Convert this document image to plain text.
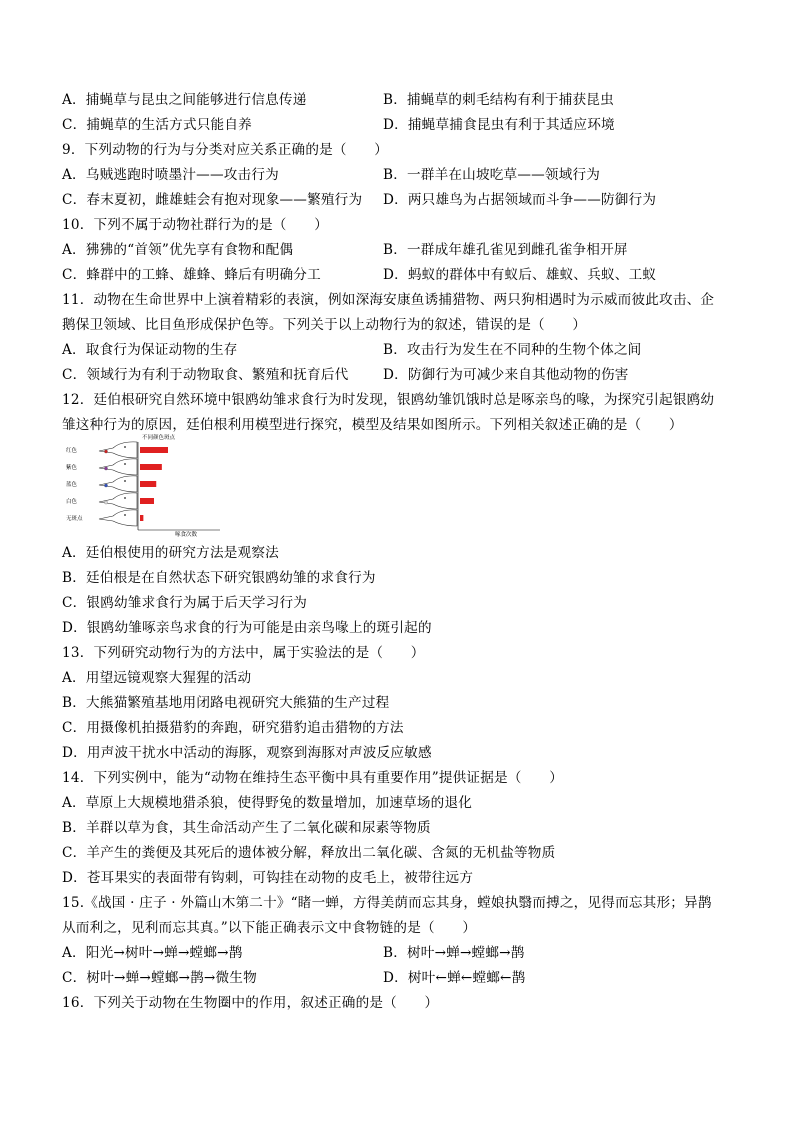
A．捕蝇草与昆虫之间能够进行信息传递	B．捕蝇草的刺毛结构有利于捕获昆虫
C．捕蝇草的生活方式只能自养	D．捕蝇草捕食昆虫有利于其适应环境
9．下列动物的行为与分类对应关系正确的是（　　）
A．乌贼逃跑时喷墨汁——攻击行为	B．一群羊在山坡吃草——领域行为
C．春末夏初，雌雄蛙会有抱对现象——繁殖行为 D．两只雄鸟为占据领域而斗争——防御行为
10．下列不属于动物社群行为的是（　　）
A．狒狒的“首领”优先享有食物和配偶	B．一群成年雄孔雀见到雌孔雀争相开屏
C．蜂群中的工蜂、雄蜂、蜂后有明确分工	D．蚂蚁的群体中有蚁后、雄蚁、兵蚁、工蚁
11．动物在生命世界中上演着精彩的表演，例如深海安康鱼诱捕猎物、两只狗相遇时为示威而彼此攻击、企
鹅保卫领域、比目鱼形成保护色等。下列关于以上动物行为的叙述，错误的是（　　）
A．取食行为保证动物的生存	B．攻击行为发生在不同种的生物个体之间
C．领域行为有利于动物取食、繁殖和抚育后代	D．防御行为可减少来自其他动物的伤害
12．廷伯根研究自然环境中银鸥幼雏求食行为时发现，银鸥幼雏饥饿时总是啄亲鸟的喙，为探究引起银鸥幼
雏这种行为的原因，廷伯根利用模型进行探究，模型及结果如图所示。下列相关叙述正确的是（　　）
不同颜色斑点
啄食次数
红色
紫色
蓝色
白色
无斑点
A．廷伯根使用的研究方法是观察法
B．廷伯根是在自然状态下研究银鸥幼雏的求食行为
C．银鸥幼雏求食行为属于后天学习行为
D．银鸥幼雏啄亲鸟求食的行为可能是由亲鸟喙上的斑引起的
13．下列研究动物行为的方法中，属于实验法的是（　　）
A．用望远镜观察大猩猩的活动
B．大熊猫繁殖基地用闭路电视研究大熊猫的生产过程
C．用摄像机拍摄猎豹的奔跑，研究猎豹追击猎物的方法
D．用声波干扰水中活动的海豚，观察到海豚对声波反应敏感
14．下列实例中，能为“动物在维持生态平衡中具有重要作用”提供证据是（　　）
A．草原上大规模地猎杀狼，使得野兔的数量增加，加速草场的退化
B．羊群以草为食，其生命活动产生了二氧化碳和尿素等物质
C．羊产生的粪便及其死后的遗体被分解，释放出二氧化碳、含氮的无机盐等物质
D．苍耳果实的表面带有钩刺，可钩挂在动物的皮毛上，被带往远方
15.《战国 · 庄子 · 外篇山木第二十》“睹一蝉，方得美荫而忘其身，螳娘执翳而搏之，见得而忘其形；异鹊
从而利之，见利而忘其真。”以下能正确表示文中食物链的是（　　）
A．阳光→树叶→蝉→螳螂→鹊	B．树叶→蝉→螳螂→鹊
C．树叶→蝉→螳螂→鹊→微生物	D．树叶←蝉←螳螂←鹊
16．下列关于动物在生物圈中的作用，叙述正确的是（　　）
